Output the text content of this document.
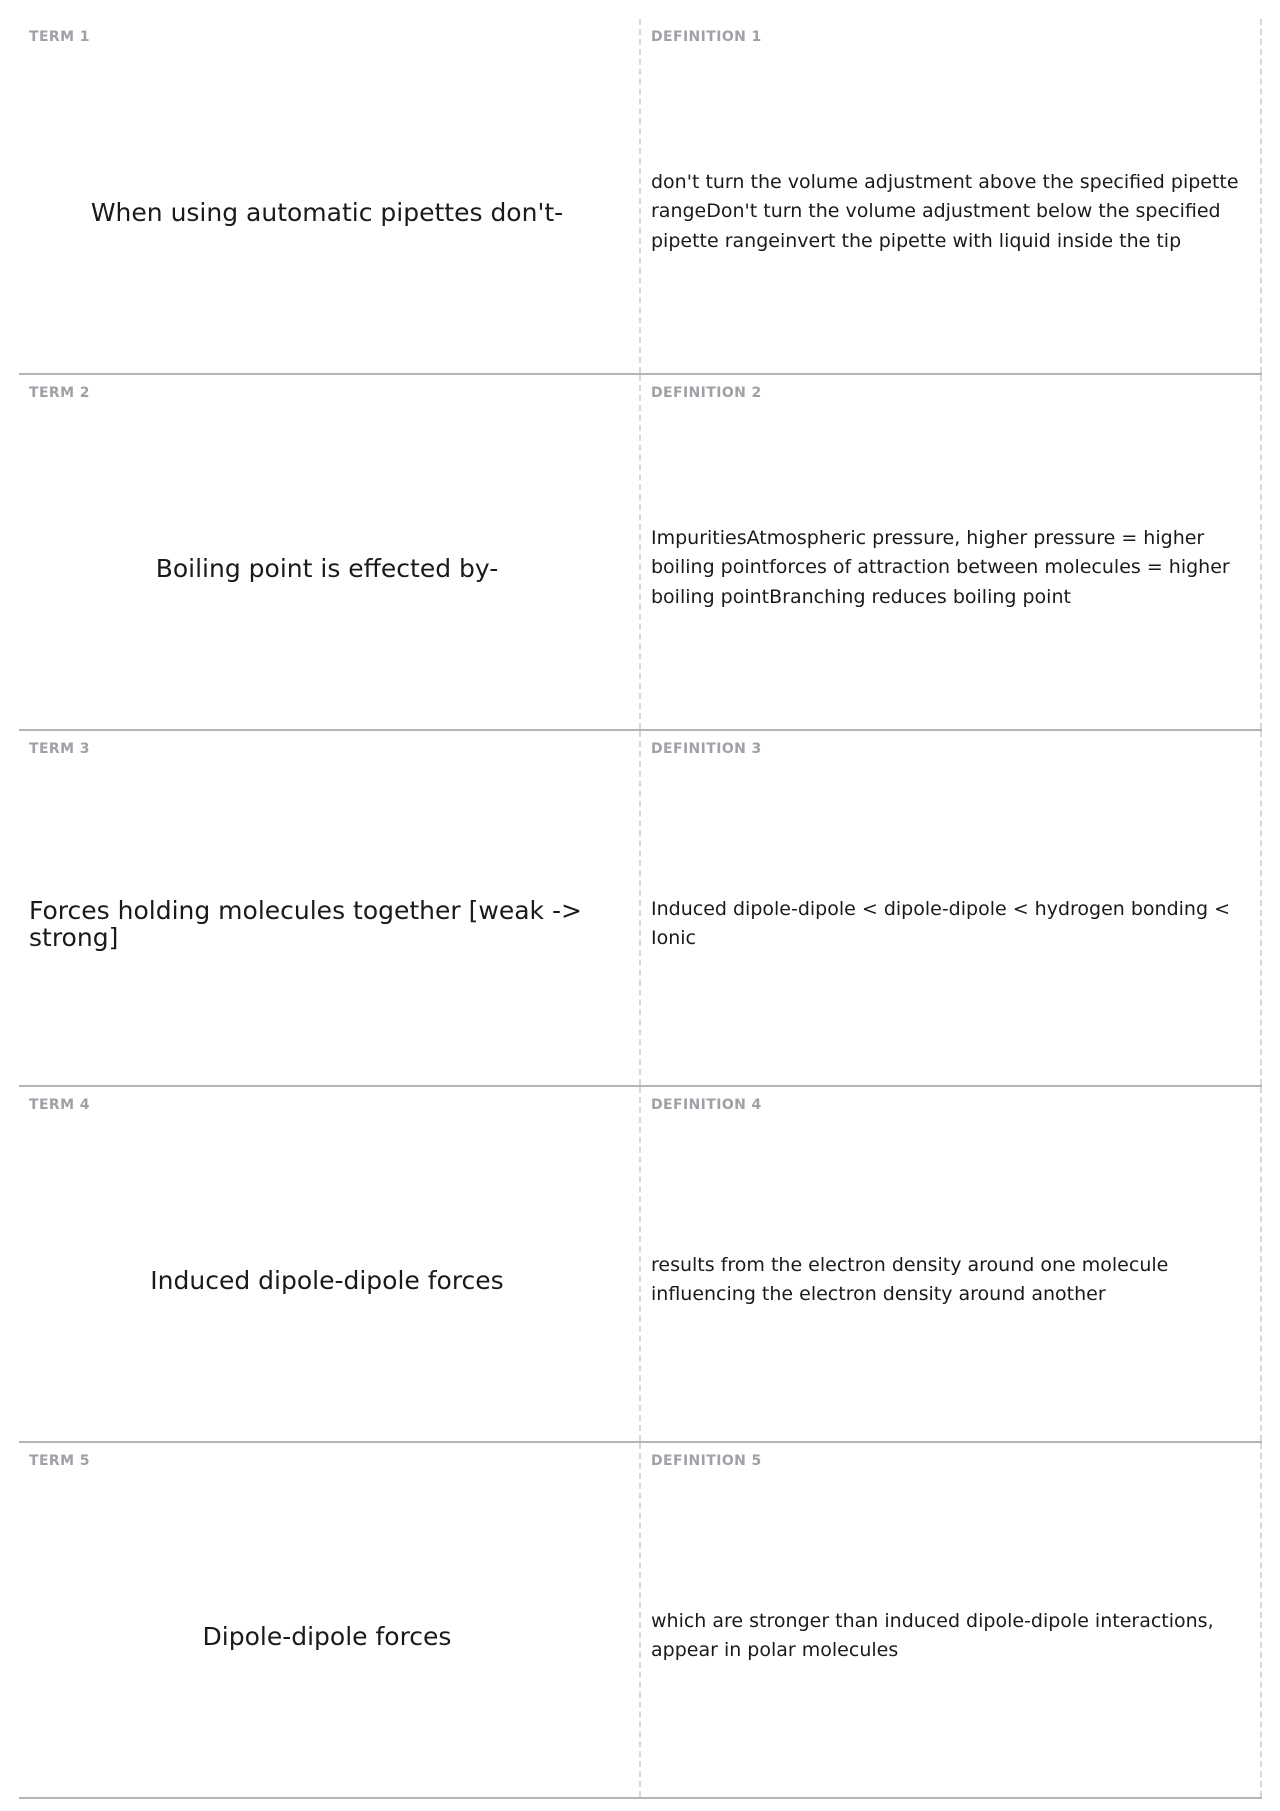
TERM 1
When using automatic pipettes don't-
DEFINITION 1
don't turn the volume adjustment above the specified pipette rangeDon't turn the volume adjustment below the specified pipette rangeinvert the pipette with liquid inside the tip
TERM 2
Boiling point is effected by-
DEFINITION 2
ImpuritiesAtmospheric pressure, higher pressure = higher boiling pointforces of attraction between molecules = higher boiling pointBranching reduces boiling point
TERM 3
Forces holding molecules together [weak -> strong]
DEFINITION 3
Induced dipole-dipole < dipole-dipole < hydrogen bonding < Ionic
TERM 4
Induced dipole-dipole forces
DEFINITION 4
results from the electron density around one molecule influencing the electron density around another
TERM 5
Dipole-dipole forces
DEFINITION 5
which are stronger than induced dipole-dipole interactions, appear in polar molecules
